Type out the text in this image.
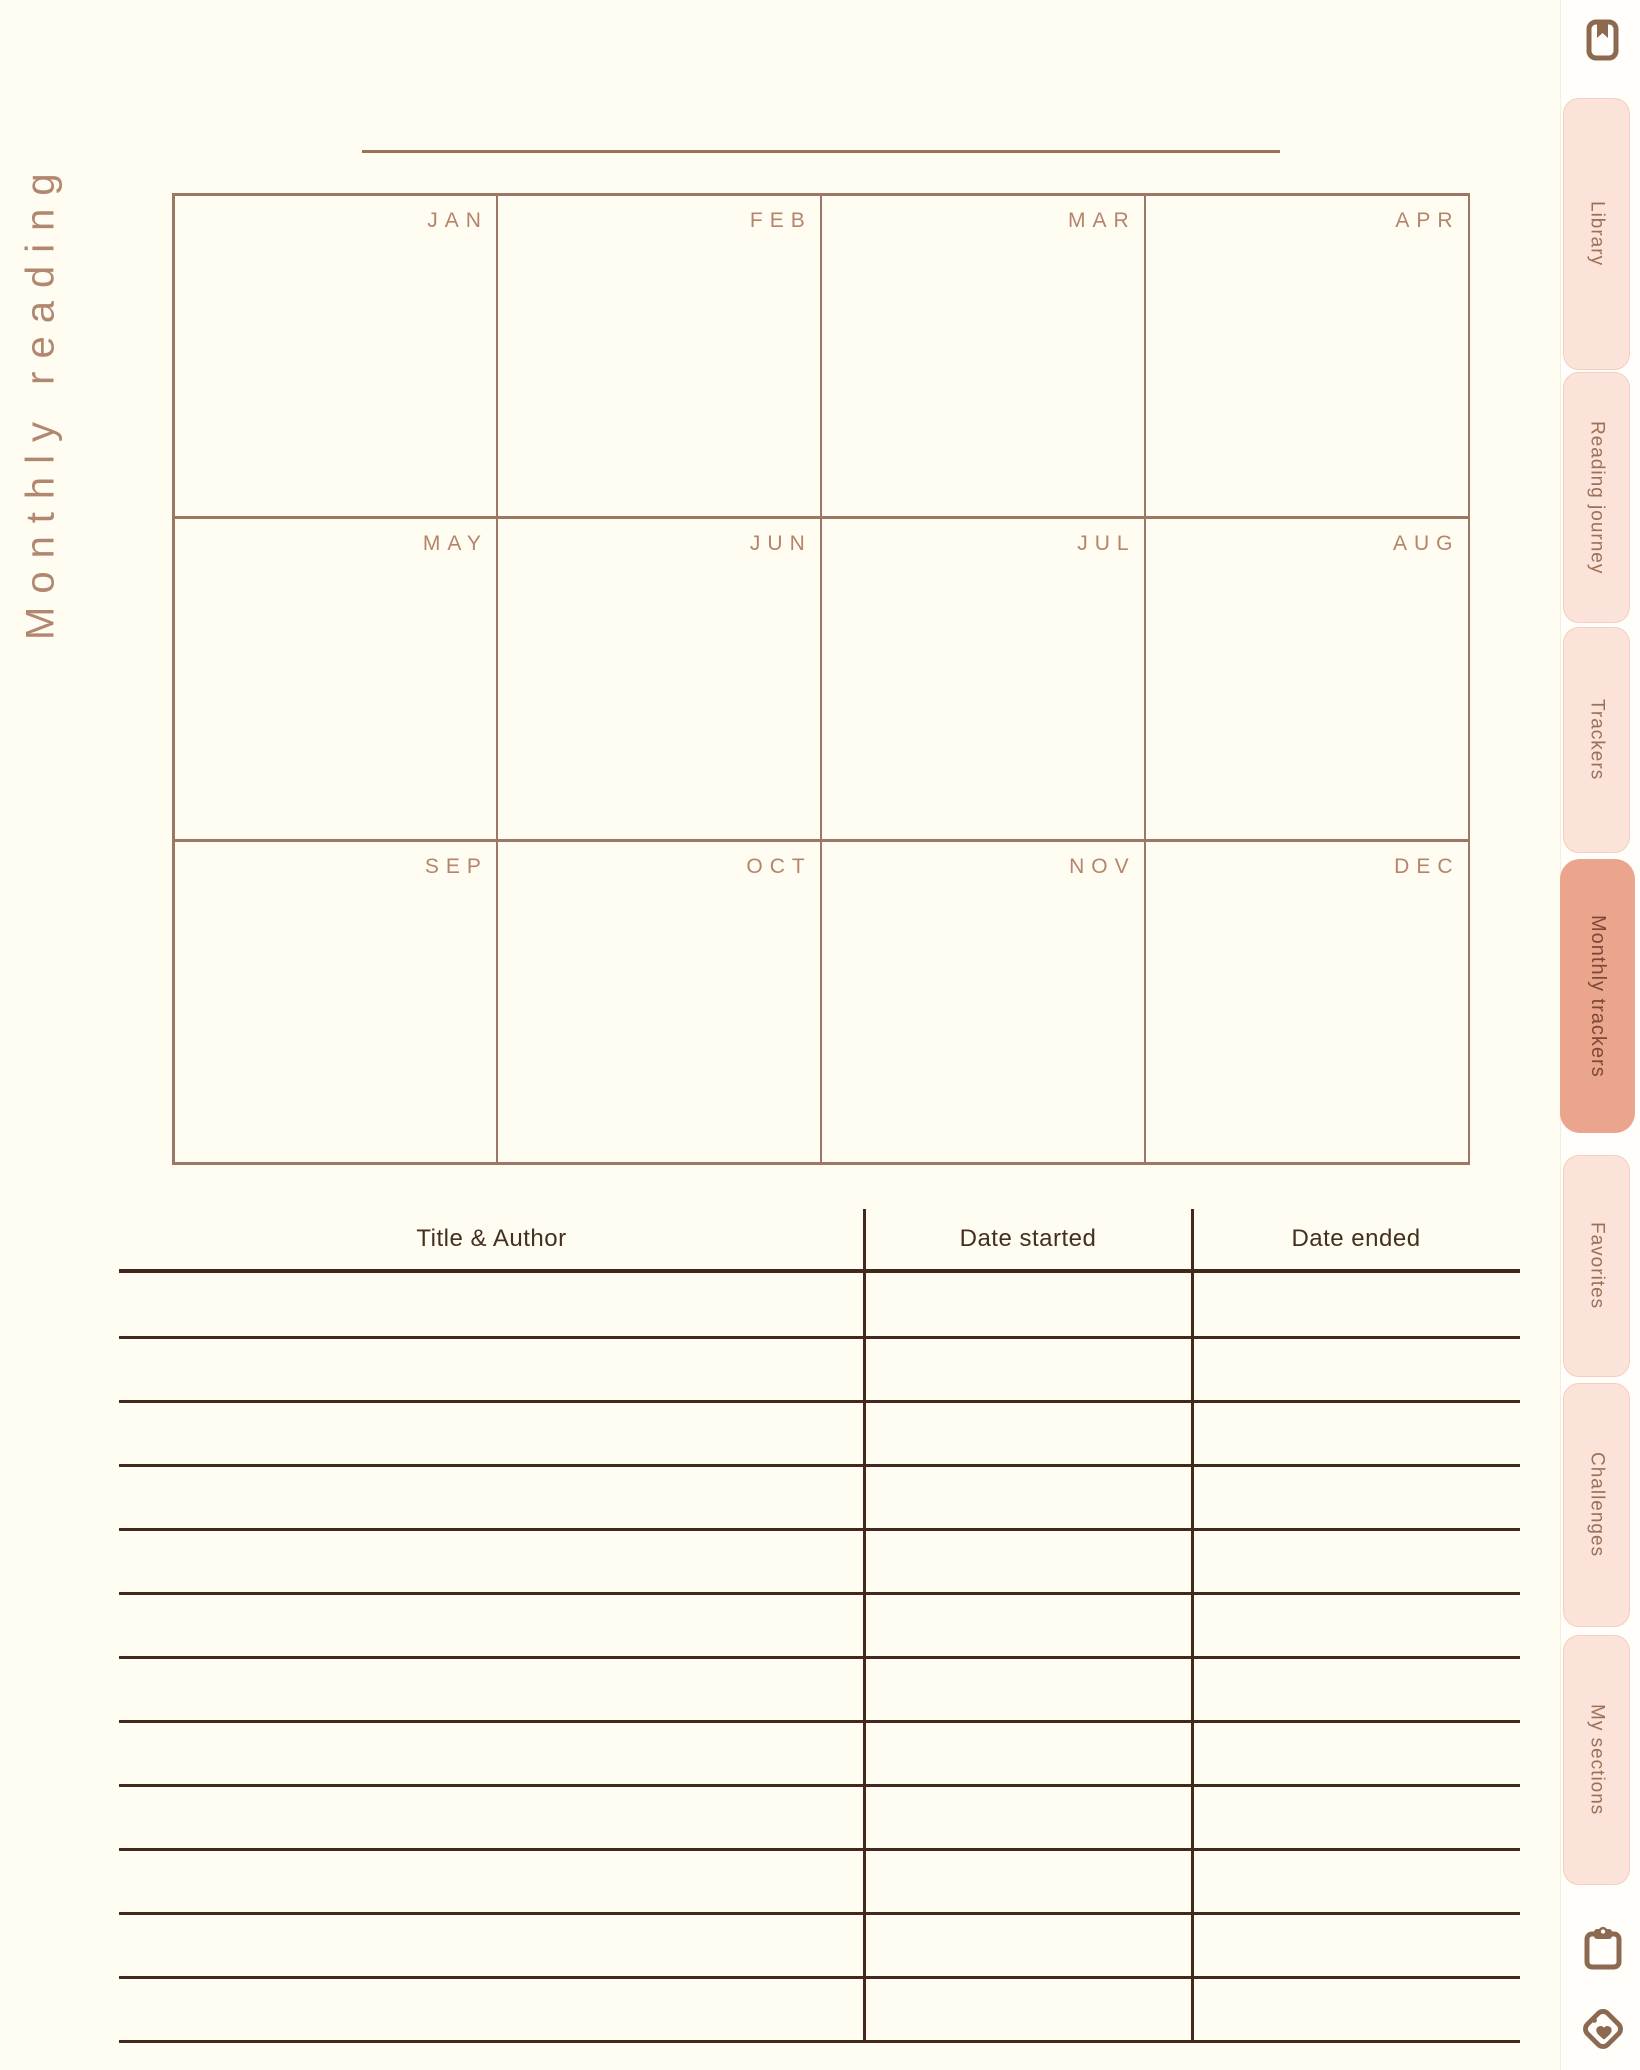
Monthly reading	JAN	FEB	MAR	APR
MAY	JUN	JUL	AUG
SEP	OCT	NOV	DEC
Title & Author	Date started	Date ended
Library
Reading journey
Trackers
Monthly trackers
Favorites
Challenges
My sections
